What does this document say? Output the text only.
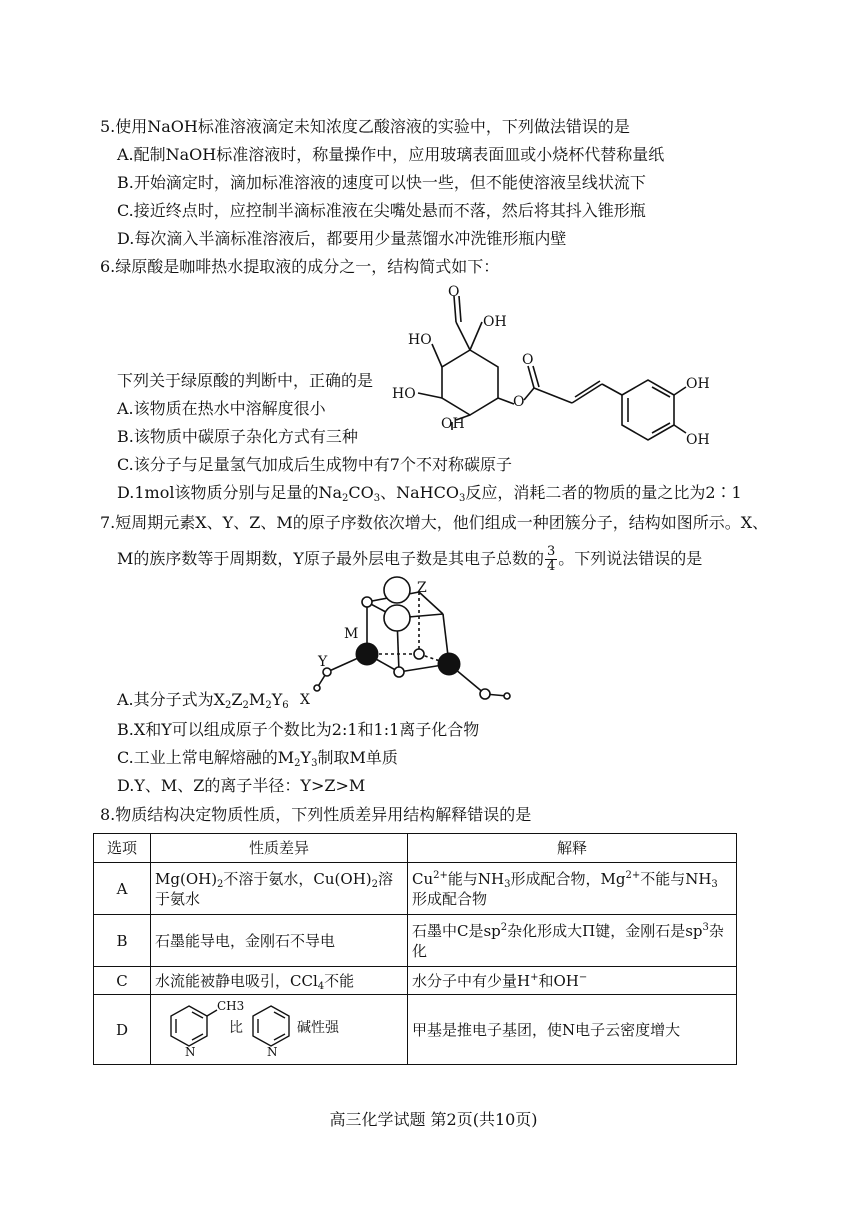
5.使用NaOH标准溶液滴定未知浓度乙酸溶液的实验中，下列做法错误的是
A.配制NaOH标准溶液时，称量操作中，应用玻璃表面皿或小烧杯代替称量纸
B.开始滴定时，滴加标准溶液的速度可以快一些，但不能使溶液呈线状流下
C.接近终点时，应控制半滴标准液在尖嘴处悬而不落，然后将其抖入锥形瓶
D.每次滴入半滴标准溶液后，都要用少量蒸馏水冲洗锥形瓶内壁
6.绿原酸是咖啡热水提取液的成分之一，结构简式如下：
O
OH
HO
HO
OH
O
O
OH
OH
下列关于绿原酸的判断中，正确的是
A.该物质在热水中溶解度很小
B.该物质中碳原子杂化方式有三种
C.该分子与足量氢气加成后生成物中有7个不对称碳原子
D.1mol该物质分别与足量的$Na_2CO_3$、NaHCO$_3$反应，消耗二者的物质的量之比为2∶1
7.短周期元素X、Y、Z、M的原子序数依次增大，他们组成一种团簇分子，结构如图所示。X、
M的族序数等于周期数，Y原子最外层电子数是其电子总数的 $\frac{3}{4}$ 。下列说法错误的是
Z
M
Y
X
A.其分子式为$X_2Z_2M_2Y_6$
B.X和Y可以组成原子个数比为2:1和1:1离子化合物
C.工业上常电解熔融的$M_2Y_3$制取M单质
D.Y、M、Z的离子半径：Y>Z>M
8.物质结构决定物质性质，下列性质差异用结构解释错误的是
选项	性质差异	解释
A	$Mg(OH)_2$不溶于氨水，$Cu(OH)_2$溶于氨水	$Cu^{2+}$能与$NH_3$形成配合物，$Mg^{2+}$不能与$NH_3$形成配合物
B	石墨能导电，金刚石不导电	石墨中C是$sp^2$杂化形成大Π键，金刚石是$sp^3$杂化
C	水流能被静电吸引，CCl$_4$不能	水分子中有少量H+和OH−
D	CH3
N N
比 碱性强	甲基是推电子基团，使N电子云密度增大
高三化学试题 第2页(共10页)
